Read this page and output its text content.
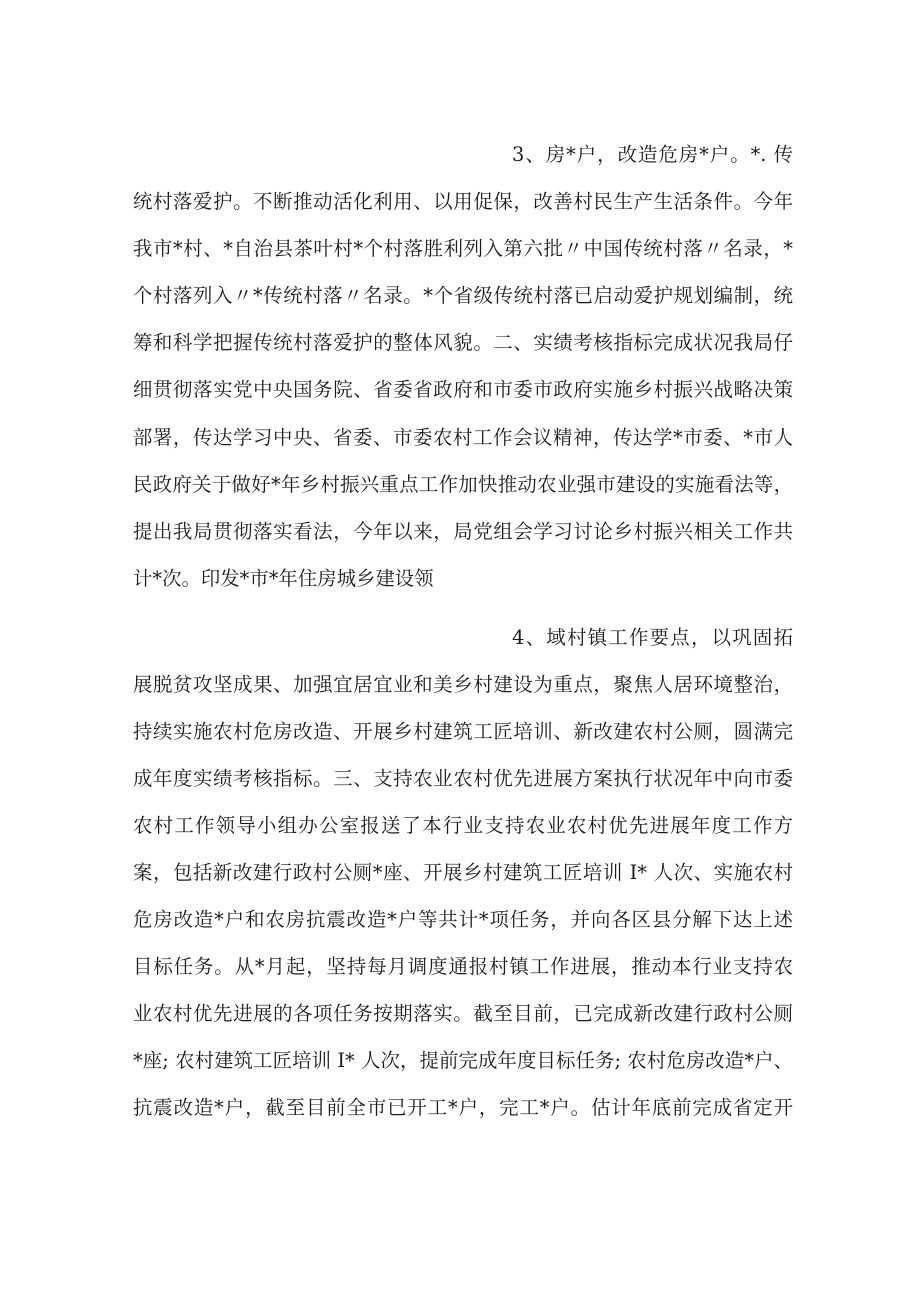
3、房*户，改造危房*户。*. 传
统村落爱护。不断推动活化利用、以用促保，改善村民生产生活条件。今年
我市*村、*自治县茶叶村*个村落胜利列入第六批〃中国传统村落〃名录，*
个村落列入〃*传统村落〃名录。*个省级传统村落已启动爱护规划编制，统
筹和科学把握传统村落爱护的整体风貌。二、实绩考核指标完成状况我局仔
细贯彻落实党中央国务院、省委省政府和市委市政府实施乡村振兴战略决策
部署，传达学习中央、省委、市委农村工作会议精神，传达学*市委、*市人
民政府关于做好*年乡村振兴重点工作加快推动农业强市建设的实施看法等，
提出我局贯彻落实看法，今年以来，局党组会学习讨论乡村振兴相关工作共
计*次。印发*市*年住房城乡建设领
4、域村镇工作要点，以巩固拓
展脱贫攻坚成果、加强宜居宜业和美乡村建设为重点，聚焦人居环境整治，
持续实施农村危房改造、开展乡村建筑工匠培训、新改建农村公厕，圆满完
成年度实绩考核指标。三、支持农业农村优先进展方案执行状况年中向市委
农村工作领导小组办公室报送了本行业支持农业农村优先进展年度工作方
案，包括新改建行政村公厕*座、开展乡村建筑工匠培训 I* 人次、实施农村
危房改造*户和农房抗震改造*户等共计*项任务，并向各区县分解下达上述
目标任务。从*月起，坚持每月调度通报村镇工作进展，推动本行业支持农
业农村优先进展的各项任务按期落实。截至目前，已完成新改建行政村公厕
*座; 农村建筑工匠培训 I* 人次，提前完成年度目标任务; 农村危房改造*户、
抗震改造*户，截至目前全市已开工*户，完工*户。估计年底前完成省定开
